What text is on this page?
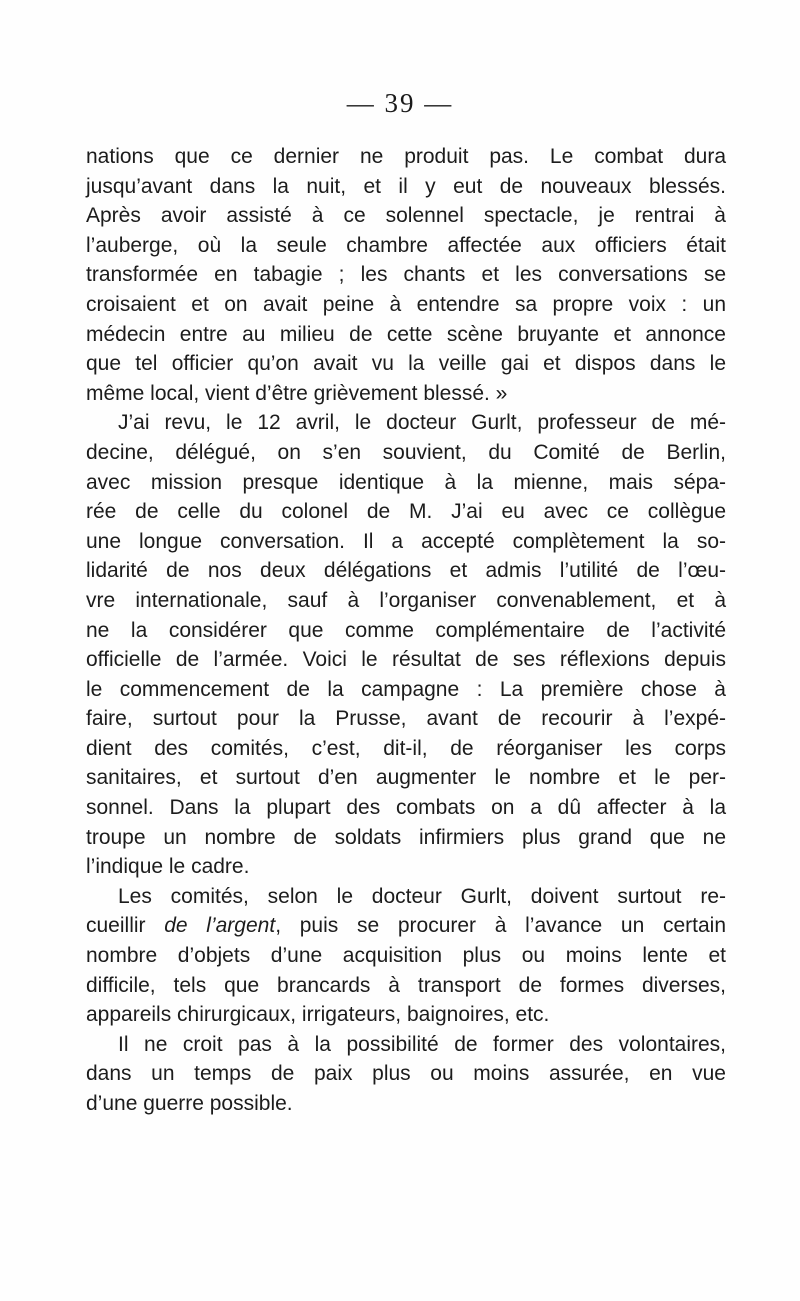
— 39 —
nations que ce dernier ne produit pas. Le combat dura
jusqu’avant dans la nuit, et il y eut de nouveaux blessés.
Après avoir assisté à ce solennel spectacle, je rentrai à
l’auberge, où la seule chambre affectée aux officiers était
transformée en tabagie ; les chants et les conversations se
croisaient et on avait peine à entendre sa propre voix : un
médecin entre au milieu de cette scène bruyante et annonce
que tel officier qu’on avait vu la veille gai et dispos dans le
même local, vient d’être grièvement blessé. »
J’ai revu, le 12 avril, le docteur Gurlt, professeur de mé-
decine, délégué, on s’en souvient, du Comité de Berlin,
avec mission presque identique à la mienne, mais sépa-
rée de celle du colonel de M. J’ai eu avec ce collègue
une longue conversation. Il a accepté complètement la so-
lidarité de nos deux délégations et admis l’utilité de l’œu-
vre internationale, sauf à l’organiser convenablement, et à
ne la considérer que comme complémentaire de l’activité
officielle de l’armée. Voici le résultat de ses réflexions depuis
le commencement de la campagne : La première chose à
faire, surtout pour la Prusse, avant de recourir à l’expé-
dient des comités, c’est, dit-il, de réorganiser les corps
sanitaires, et surtout d’en augmenter le nombre et le per-
sonnel. Dans la plupart des combats on a dû affecter à la
troupe un nombre de soldats infirmiers plus grand que ne
l’indique le cadre.
Les comités, selon le docteur Gurlt, doivent surtout re-
cueillir de l’argent, puis se procurer à l’avance un certain
nombre d’objets d’une acquisition plus ou moins lente et
difficile, tels que brancards à transport de formes diverses,
appareils chirurgicaux, irrigateurs, baignoires, etc.
Il ne croit pas à la possibilité de former des volontaires,
dans un temps de paix plus ou moins assurée, en vue
d’une guerre possible.
